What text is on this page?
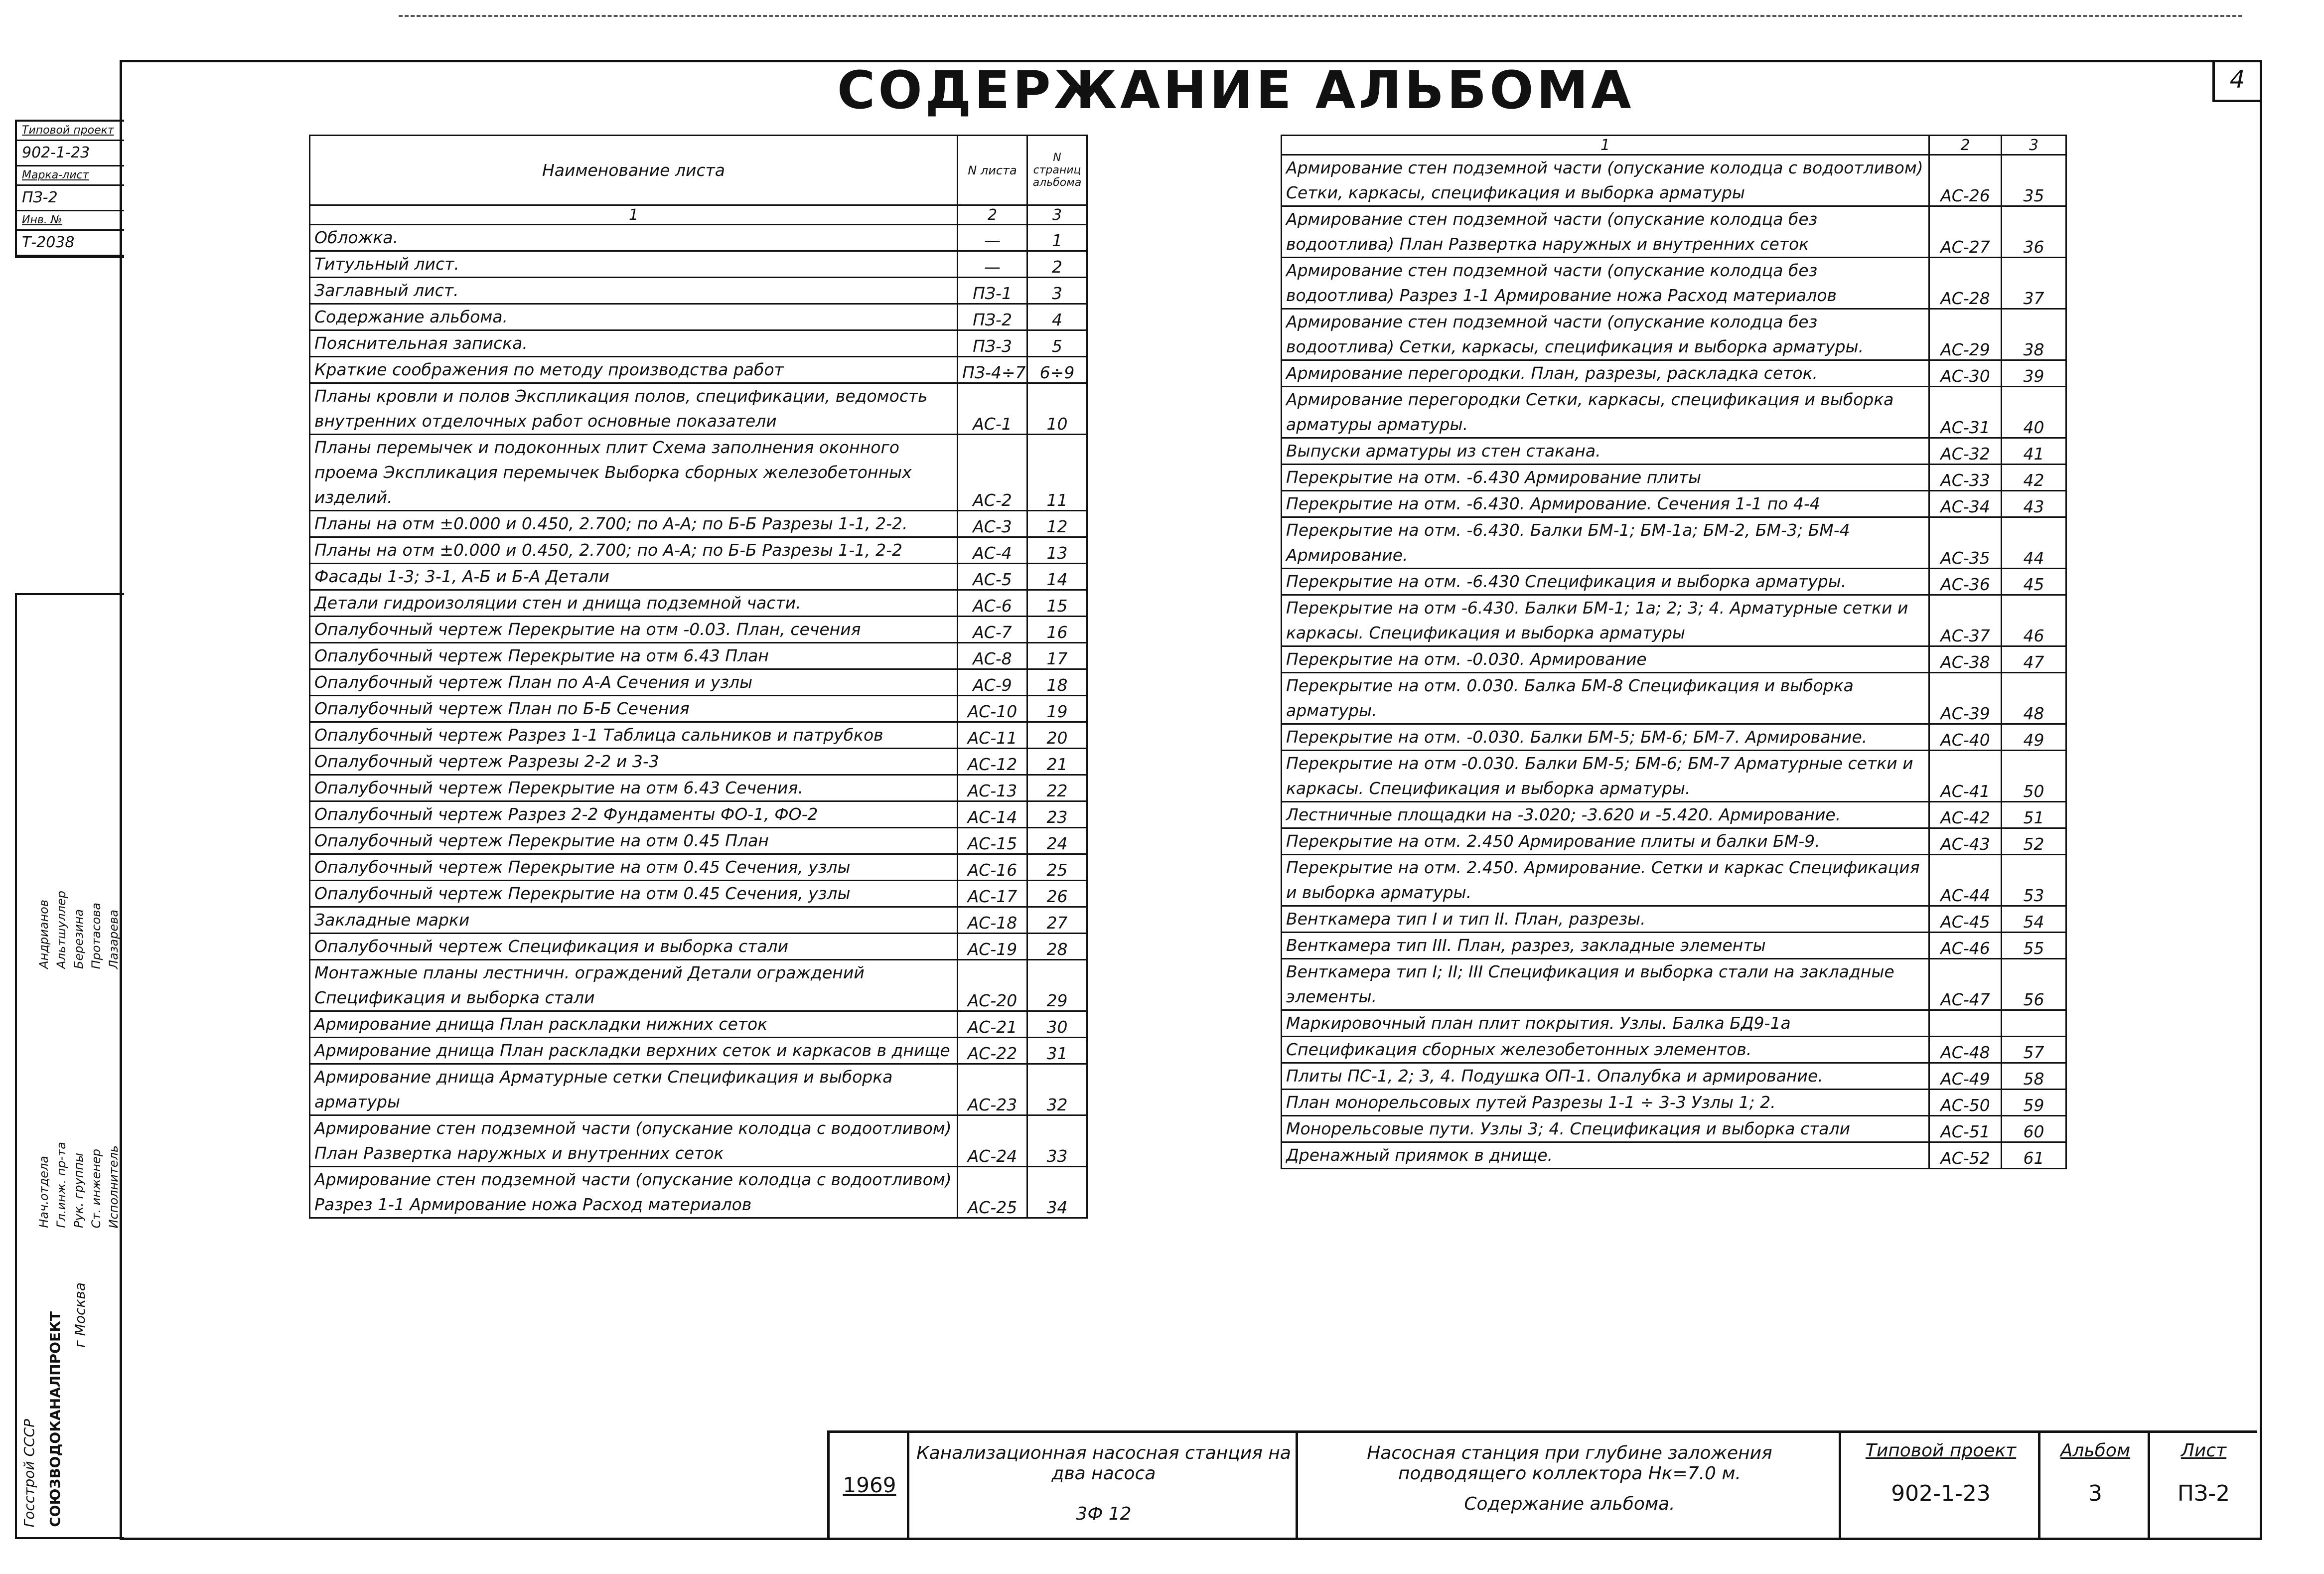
СОДЕРЖАНИЕ АЛЬБОМА	4
Типовой проект
902-1-23
Марка-лист
ПЗ-2
Инв. №
Т-2038
Госстрой СССР СОЮЗВОДОКАНАЛПРОЕКТ г Москва
Нач.отдела Гл.инж. пр-та Рук. группы Ст. инженер Исполнитель
Андрианов Альтшуллер Березина Протасова Лазарева
Наименование листа	N листа	N страниц альбома
1	2	3
Обложка.	—	1
Титульный лист.	—	2
Заглавный лист.	ПЗ-1	3
Содержание альбома.	ПЗ-2	4
Пояснительная записка.	ПЗ-3	5
Краткие соображения по методу производства работ	ПЗ-4÷7	6÷9
Планы кровли и полов Экспликация полов, спецификации, ведомость внутренних отделочных работ основные показатели	АС-1	10
Планы перемычек и подоконных плит Схема заполнения оконного проема Экспликация перемычек Выборка сборных железобетонных изделий.	АС-2	11
Планы на отм ±0.000 и 0.450, 2.700; по А-А; по Б-Б Разрезы 1-1, 2-2.	АС-3	12
Планы на отм ±0.000 и 0.450, 2.700; по А-А; по Б-Б Разрезы 1-1, 2-2	АС-4	13
Фасады 1-3; 3-1, А-Б и Б-А Детали	АС-5	14
Детали гидроизоляции стен и днища подземной части.	АС-6	15
Опалубочный чертеж Перекрытие на отм -0.03. План, сечения	АС-7	16
Опалубочный чертеж Перекрытие на отм 6.43 План	АС-8	17
Опалубочный чертеж План по А-А Сечения и узлы	АС-9	18
Опалубочный чертеж План по Б-Б Сечения	АС-10	19
Опалубочный чертеж Разрез 1-1 Таблица сальников и патрубков	АС-11	20
Опалубочный чертеж Разрезы 2-2 и 3-3	АС-12	21
Опалубочный чертеж Перекрытие на отм 6.43 Сечения.	АС-13	22
Опалубочный чертеж Разрез 2-2 Фундаменты ФО-1, ФО-2	АС-14	23
Опалубочный чертеж Перекрытие на отм 0.45 План	АС-15	24
Опалубочный чертеж Перекрытие на отм 0.45 Сечения, узлы	АС-16	25
Опалубочный чертеж Перекрытие на отм 0.45 Сечения, узлы	АС-17	26
Закладные марки	АС-18	27
Опалубочный чертеж Спецификация и выборка стали	АС-19	28
Монтажные планы лестничн. ограждений Детали ограждений Спецификация и выборка стали	АС-20	29
Армирование днища План раскладки нижних сеток	АС-21	30
Армирование днища План раскладки верхних сеток и каркасов в днище	АС-22	31
Армирование днища Арматурные сетки Спецификация и выборка арматуры	АС-23	32
Армирование стен подземной части (опускание колодца с водоотливом) План Развертка наружных и внутренних сеток	АС-24	33
Армирование стен подземной части (опускание колодца с водоотливом) Разрез 1-1 Армирование ножа Расход материалов	АС-25	34
1	2	3
Армирование стен подземной части (опускание колодца с водоотливом) Сетки, каркасы, спецификация и выборка арматуры	АС-26	35
Армирование стен подземной части (опускание колодца без водоотлива) План Развертка наружных и внутренних сеток	АС-27	36
Армирование стен подземной части (опускание колодца без водоотлива) Разрез 1-1 Армирование ножа Расход материалов	АС-28	37
Армирование стен подземной части (опускание колодца без водоотлива) Сетки, каркасы, спецификация и выборка арматуры.	АС-29	38
Армирование перегородки. План, разрезы, раскладка сеток.	АС-30	39
Армирование перегородки Сетки, каркасы, спецификация и выборка арматуры арматуры.	АС-31	40
Выпуски арматуры из стен стакана.	АС-32	41
Перекрытие на отм. -6.430 Армирование плиты	АС-33	42
Перекрытие на отм. -6.430. Армирование. Сечения 1-1 по 4-4	АС-34	43
Перекрытие на отм. -6.430. Балки БМ-1; БМ-1а; БМ-2, БМ-3; БМ-4 Армирование.	АС-35	44
Перекрытие на отм. -6.430 Спецификация и выборка арматуры.	АС-36	45
Перекрытие на отм -6.430. Балки БМ-1; 1а; 2; 3; 4. Арматурные сетки и каркасы. Спецификация и выборка арматуры	АС-37	46
Перекрытие на отм. -0.030. Армирование	АС-38	47
Перекрытие на отм. 0.030. Балка БМ-8 Спецификация и выборка арматуры.	АС-39	48
Перекрытие на отм. -0.030. Балки БМ-5; БМ-6; БМ-7. Армирование.	АС-40	49
Перекрытие на отм -0.030. Балки БМ-5; БМ-6; БМ-7 Арматурные сетки и каркасы. Спецификация и выборка арматуры.	АС-41	50
Лестничные площадки на -3.020; -3.620 и -5.420. Армирование.	АС-42	51
Перекрытие на отм. 2.450 Армирование плиты и балки БМ-9.	АС-43	52
Перекрытие на отм. 2.450. Армирование. Сетки и каркас Спецификация и выборка арматуры.	АС-44	53
Венткамера тип I и тип II. План, разрезы.	АС-45	54
Венткамера тип III. План, разрез, закладные элементы	АС-46	55
Венткамера тип I; II; III Спецификация и выборка стали на закладные элементы.	АС-47	56
Маркировочный план плит покрытия. Узлы. Балка БД9-1а		
Спецификация сборных железобетонных элементов.	АС-48	57
Плиты ПС-1, 2; 3, 4. Подушка ОП-1. Опалубка и армирование.	АС-49	58
План монорельсовых путей Разрезы 1-1 ÷ 3-3 Узлы 1; 2.	АС-50	59
Монорельсовые пути. Узлы 3; 4. Спецификация и выборка стали	АС-51	60
Дренажный приямок в днище.	АС-52	61
1969
Канализационная насосная станция на два насоса
3Ф 12
Насосная станция при глубине заложения подводящего коллектора Нк=7.0 м.
Содержание альбома.
Типовой проект
902-1-23
Альбом
3
Лист
ПЗ-2
